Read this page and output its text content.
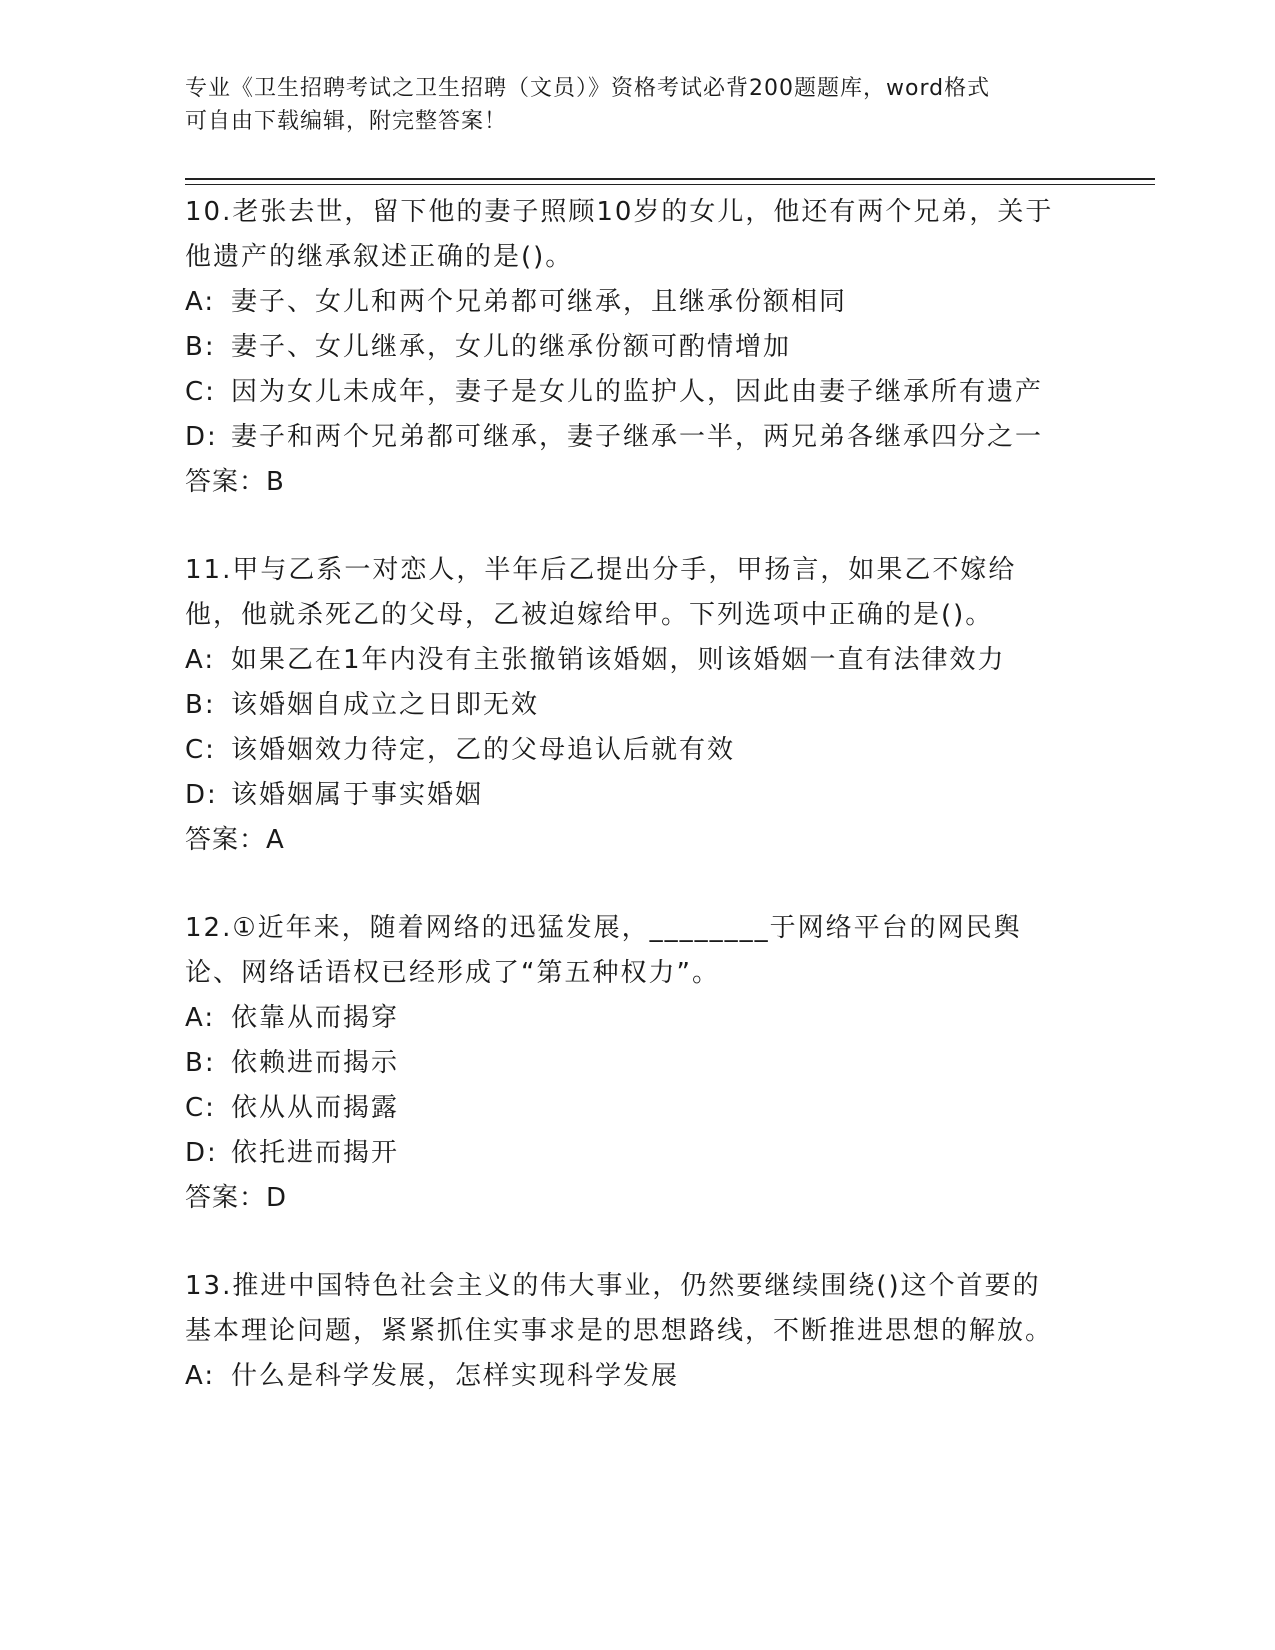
专业《卫生招聘考试之卫生招聘（文员）》资格考试必背200题题库，word格式
可自由下载编辑，附完整答案！

10.老张去世，留下他的妻子照顾10岁的女儿，他还有两个兄弟，关于他遗产的继承叙述正确的是()。

A: 妻子、女儿和两个兄弟都可继承，且继承份额相同

B: 妻子、女儿继承，女儿的继承份额可酌情增加

C: 因为女儿未成年，妻子是女儿的监护人，因此由妻子继承所有遗产

D: 妻子和两个兄弟都可继承，妻子继承一半，两兄弟各继承四分之一

答案：B

11.甲与乙系一对恋人，半年后乙提出分手，甲扬言，如果乙不嫁给他，他就杀死乙的父母，乙被迫嫁给甲。下列选项中正确的是()。

A: 如果乙在1年内没有主张撤销该婚姻，则该婚姻一直有法律效力

B: 该婚姻自成立之日即无效

C: 该婚姻效力待定，乙的父母追认后就有效

D: 该婚姻属于事实婚姻

答案：A

12.①近年来，随着网络的迅猛发展，________于网络平台的网民舆论、网络话语权已经形成了“第五种权力”。

A: 依靠从而揭穿

B: 依赖进而揭示

C: 依从从而揭露

D: 依托进而揭开

答案：D

13.推进中国特色社会主义的伟大事业，仍然要继续围绕()这个首要的基本理论问题，紧紧抓住实事求是的思想路线，不断推进思想的解放。

A: 什么是科学发展，怎样实现科学发展
